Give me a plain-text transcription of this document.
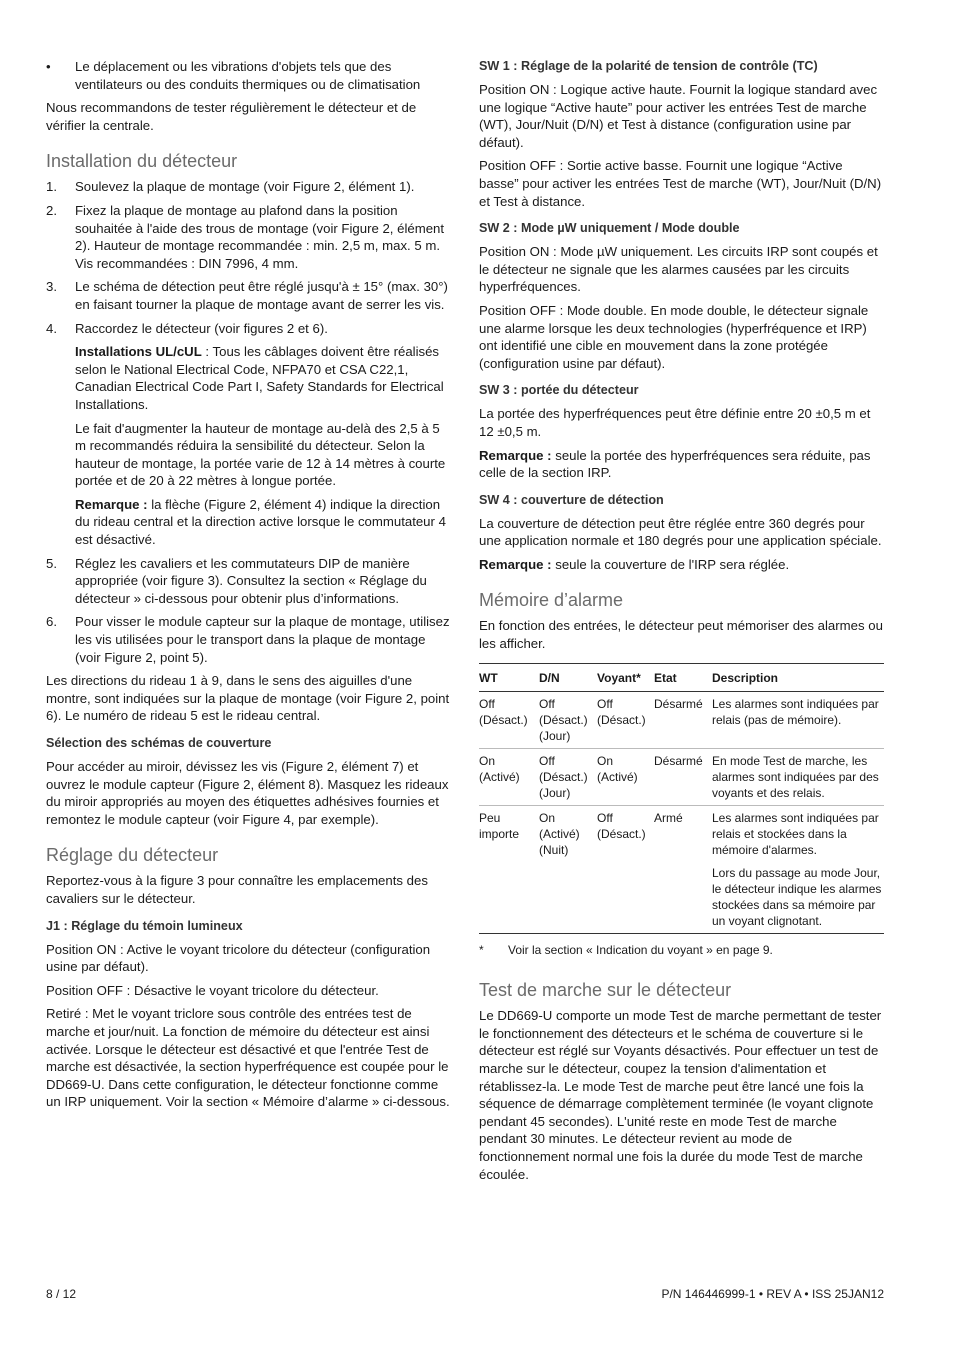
• Le déplacement ou les vibrations d'objets tels que des ventilateurs ou des conduits thermiques ou de climatisation

Nous recommandons de tester régulièrement le détecteur et de vérifier la centrale.

Installation du détecteur
1. Soulevez la plaque de montage (voir Figure 2, élément 1).
2. Fixez la plaque de montage au plafond dans la position souhaitée à l'aide des trous de montage (voir Figure 2, élément 2). Hauteur de montage recommandée : min. 2,5 m, max. 5 m. Vis recommandées : DIN 7996, 4 mm.
3. Le schéma de détection peut être réglé jusqu'à ± 15° (max. 30°) en faisant tourner la plaque de montage avant de serrer les vis.
4. Raccordez le détecteur (voir figures 2 et 6).

Installations UL/cUL : Tous les câblages doivent être réalisés selon le National Electrical Code, NFPA70 et CSA C22,1, Canadian Electrical Code Part I, Safety Standards for Electrical Installations.

Le fait d'augmenter la hauteur de montage au-delà des 2,5 à 5 m recommandés réduira la sensibilité du détecteur. Selon la hauteur de montage, la portée varie de 12 à 14 mètres à courte portée et de 20 à 22 mètres à longue portée.

Remarque : la flèche (Figure 2, élément 4) indique la direction du rideau central et la direction active lorsque le commutateur 4 est désactivé.

5. Réglez les cavaliers et les commutateurs DIP de manière appropriée (voir figure 3). Consultez la section « Réglage du détecteur » ci-dessous pour obtenir plus d’informations.
6. Pour visser le module capteur sur la plaque de montage, utilisez les vis utilisées pour le transport dans la plaque de montage (voir Figure 2, point 5).

Les directions du rideau 1 à 9, dans le sens des aiguilles d'une montre, sont indiquées sur la plaque de montage (voir Figure 2, point 6). Le numéro de rideau 5 est le rideau central.

Sélection des schémas de couverture

Pour accéder au miroir, dévissez les vis (Figure 2, élément 7) et ouvrez le module capteur (Figure 2, élément 8). Masquez les rideaux du miroir appropriés au moyen des étiquettes adhésives fournies et remontez le module capteur (voir Figure 4, par exemple).

Réglage du détecteur

Reportez-vous à la figure 3 pour connaître les emplacements des cavaliers sur le détecteur.

J1 : Réglage du témoin lumineux

Position ON : Active le voyant tricolore du détecteur (configuration usine par défaut).

Position OFF : Désactive le voyant tricolore du détecteur.

Retiré : Met le voyant triclore sous contrôle des entrées test de marche et jour/nuit. La fonction de mémoire du détecteur est ainsi activée. Lorsque le détecteur est désactivé et que l'entrée Test de marche est désactivée, la section hyperfréquence est coupée pour le DD669-U. Dans cette configuration, le détecteur fonctionne comme un IRP uniquement. Voir la section « Mémoire d’alarme » ci-dessous.

SW 1 : Réglage de la polarité de tension de contrôle (TC)

Position ON : Logique active haute. Fournit la logique standard avec une logique “Active haute” pour activer les entrées Test de marche (WT), Jour/Nuit (D/N) et Test à distance (configuration usine par défaut).

Position OFF : Sortie active basse. Fournit une logique “Active basse” pour activer les entrées Test de marche (WT), Jour/Nuit (D/N) et Test à distance.

SW 2 : Mode µW uniquement / Mode double

Position ON : Mode µW uniquement. Les circuits IRP sont coupés et le détecteur ne signale que les alarmes causées par les circuits hyperfréquences.

Position OFF : Mode double. En mode double, le détecteur signale une alarme lorsque les deux technologies (hyperfréquence et IRP) ont identifié une cible en mouvement dans la zone protégée (configuration usine par défaut).

SW 3 : portée du détecteur

La portée des hyperfréquences peut être définie entre 20 ±0,5 m et 12 ±0,5 m.

Remarque : seule la portée des hyperfréquences sera réduite, pas celle de la section IRP.

SW 4 : couverture de détection

La couverture de détection peut être réglée entre 360 degrés pour une application normale et 180 degrés pour une application spéciale.

Remarque : seule la couverture de l'IRP sera réglée.

Mémoire d’alarme

En fonction des entrées, le détecteur peut mémoriser des alarmes ou les afficher.

WT	D/N	Voyant*	Etat	Description

Off (Désact.)	Off (Désact.) (Jour)	Off (Désact.)	Désarmé	Les alarmes sont indiquées par relais (pas de mémoire).

On (Activé)	Off (Désact.) (Jour)	On (Activé)	Désarmé	En mode Test de marche, les alarmes sont indiquées par des voyants et des relais.

Peu importe	On (Activé) (Nuit)	Off (Désact.)	Armé	Les alarmes sont indiquées par relais et stockées dans la mémoire d'alarmes.
Lors du passage au mode Jour, le détecteur indique les alarmes stockées dans sa mémoire par un voyant clignotant.
* Voir la section « Indication du voyant » en page 9.
Test de marche sur le détecteur

Le DD669-U comporte un mode Test de marche permettant de tester le fonctionnement des détecteurs et le schéma de couverture si le détecteur est réglé sur Voyants désactivés. Pour effectuer un test de marche sur le détecteur, coupez la tension d'alimentation et rétablissez-la. Le mode Test de marche peut être lancé une fois la séquence de démarrage complètement terminée (le voyant clignote pendant 45 secondes). L'unité reste en mode Test de marche pendant 30 minutes. Le détecteur revient au mode de fonctionnement normal une fois la durée du mode Test de marche écoulée.

8 / 12	P/N 146446999-1 • REV A • ISS 25JAN12
